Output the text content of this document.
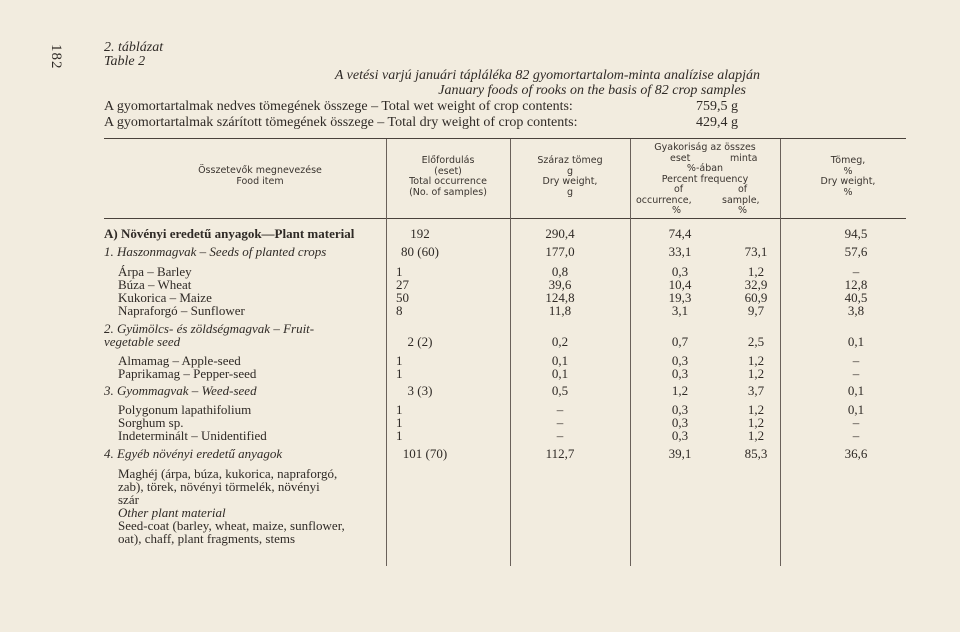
182	2. táblázat
Table 2
A vetési varjú januári tápláléka 82 gyomortartalom-minta analízise alapján
January foods of rooks on the basis of 82 crop samples
A gyomortartalmak nedves tömegének összege – Total wet weight of crop contents:	759,5 g
A gyomortartalmak szárított tömegének összege – Total dry weight of crop contents:	429,4 g
Összetevők megnevezése
Food item
Előfordulás
(eset)
Total occurrence
(No. of samples)
Száraz tömeg
g
Dry weight,
g
Gyakoriság az összes
eset	minta
%-ában
Percent frequency
of	of
occurrence,	sample,
%	%
Tömeg,
%
Dry weight,
%
A) Növényi eredetű anyagok—Plant material	192	290,4	74,4	94,5
1. Haszonmagvak – Seeds of planted crops	80 (60)	177,0	33,1	73,1	57,6
Árpa – Barley	1	0,8	0,3	1,2	–
Búza – Wheat	27	39,6	10,4	32,9	12,8
Kukorica – Maize	50	124,8	19,3	60,9	40,5
Napraforgó – Sunflower	8	11,8	3,1	9,7	3,8
2. Gyümölcs- és zöldségmagvak – Fruit-
vegetable seed	2 (2)	0,2	0,7	2,5	0,1
Almamag – Apple-seed	1	0,1	0,3	1,2	–
Paprikamag – Pepper-seed	1	0,1	0,3	1,2	–
3. Gyommagvak – Weed-seed	3 (3)	0,5	1,2	3,7	0,1
Polygonum lapathifolium	1	–	0,3	1,2	0,1
Sorghum sp.	1	–	0,3	1,2	–
Indeterminált – Unidentified	1	–	0,3	1,2	–
4. Egyéb növényi eredetű anyagok	101 (70)	112,7	39,1	85,3	36,6
Maghéj (árpa, búza, kukorica, napraforgó,
zab), törek, növényi törmelék, növényi
szár
Other plant material
Seed-coat (barley, wheat, maize, sunflower,
oat), chaff, plant fragments, stems
